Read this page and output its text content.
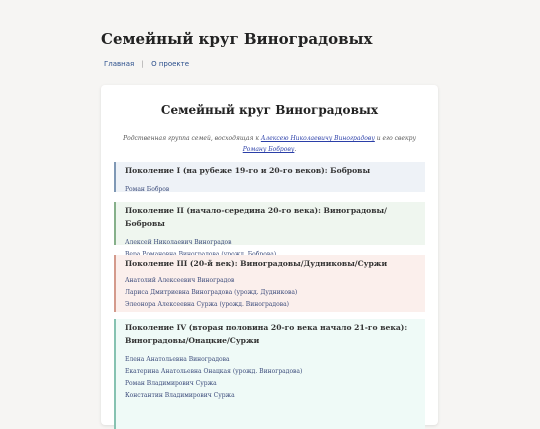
Семейный круг Виноградовых
Главная | О проекте
Семейный круг Виноградовых

Родственная группа семей, восходящая к Алексею Николаевичу Виноградову и его свекру
Роману Боброву.

Поколение I (на рубеже 19-го и 20-го веков): Бобровы
Роман Бобров
Поколение II (начало-середина 20-го века): Виноградовы/Бобровы
Алексей Николаевич Виноградов
Поколение III (20-й век): Виноградовы/Дудниковы/Суржи
Анатолий Алексеевич Виноградов
Лариса Дмитриевна Виноградова (урожд. Дудникова)
Элеонора Алексеевна Суржа (урожд. Виноградова)
Поколение IV (вторая половина 20-го века начало 21-го века): Виноградовы/Онацкие/Суржи
Елена Анатольевна Виноградова
Екатерина Анатольевна Онацкая (урожд. Виноградова)
Роман Владимирович Суржа
Константин Владимирович Суржа
